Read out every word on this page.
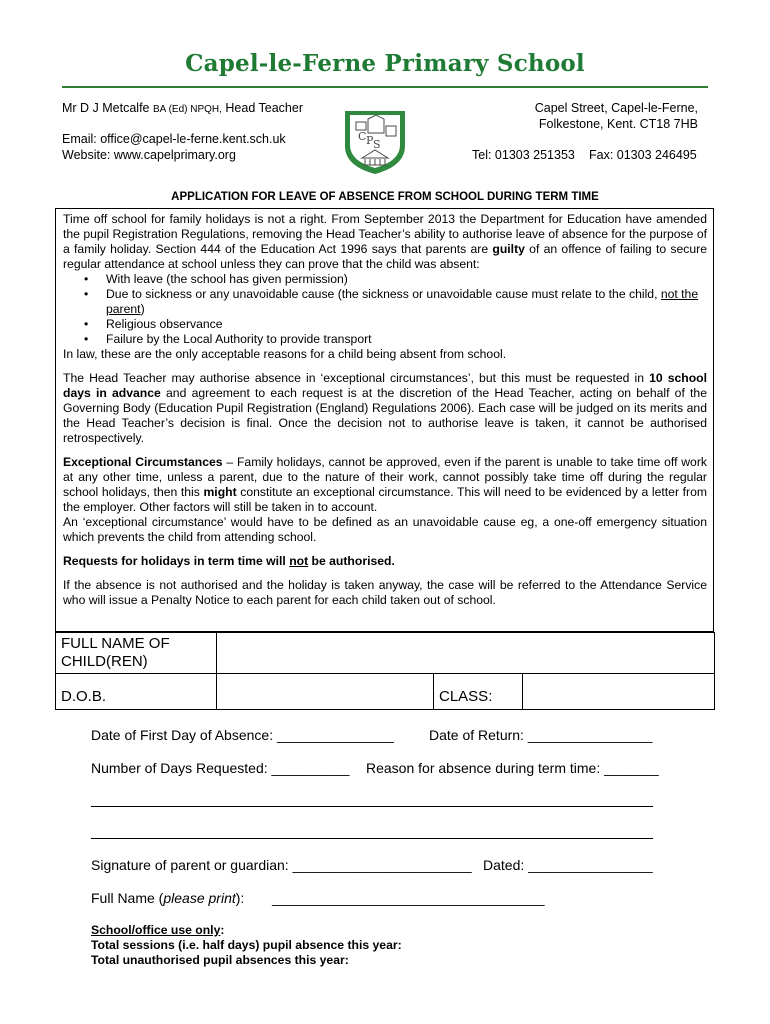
Capel-le-Ferne Primary School
Mr D J Metcalfe BA (Ed) NPQH, Head Teacher
Email: office@capel-le-ferne.kent.sch.uk
Website: www.capelprimary.org
Capel Street, Capel-le-Ferne,
Folkestone, Kent. CT18 7HB
Tel: 01303 251353 Fax: 01303 246495
C P S
APPLICATION FOR LEAVE OF ABSENCE FROM SCHOOL DURING TERM TIME

Time off school for family holidays is not a right. From September 2013 the Department for Education have amended the pupil Registration Regulations, removing the Head Teacher’s ability to authorise leave of absence for the purpose of a family holiday. Section 444 of the Education Act 1996 says that parents are guilty of an offence of failing to secure regular attendance at school unless they can prove that the child was absent:

• With leave (the school has given permission)
• Due to sickness or any unavoidable cause (the sickness or unavoidable cause must relate to the child, not the parent)
• Religious observance
• Failure by the Local Authority to provide transport

In law, these are the only acceptable reasons for a child being absent from school.

The Head Teacher may authorise absence in ‘exceptional circumstances’, but this must be requested in 10 school days in advance and agreement to each request is at the discretion of the Head Teacher, acting on behalf of the Governing Body (Education Pupil Registration (England) Regulations 2006). Each case will be judged on its merits and the Head Teacher’s decision is final. Once the decision not to authorise leave is taken, it cannot be authorised retrospectively.

Exceptional Circumstances – Family holidays, cannot be approved, even if the parent is unable to take time off work at any other time, unless a parent, due to the nature of their work, cannot possibly take time off during the regular school holidays, then this might constitute an exceptional circumstance. This will need to be evidenced by a letter from the employer. Other factors will still be taken in to account.

An ‘exceptional circumstance’ would have to be defined as an unavoidable cause eg, a one-off emergency situation which prevents the child from attending school.

Requests for holidays in term time will not be authorised.

If the absence is not authorised and the holiday is taken anyway, the case will be referred to the Attendance Service who will issue a Penalty Notice to each parent for each child taken out of school.

FULL NAME OF CHILD(REN)			
D.O.B.		CLASS:	
Date of First Day of Absence: _______________	Date of Return: ________________
Number of Days Requested: __________ Reason for absence during term time: _______
Signature of parent or guardian: _______________________ Dated: ________________
Full Name (please print): ___________________________________
School/office use only:
Total sessions (i.e. half days) pupil absence this year:
Total unauthorised pupil absences this year:
